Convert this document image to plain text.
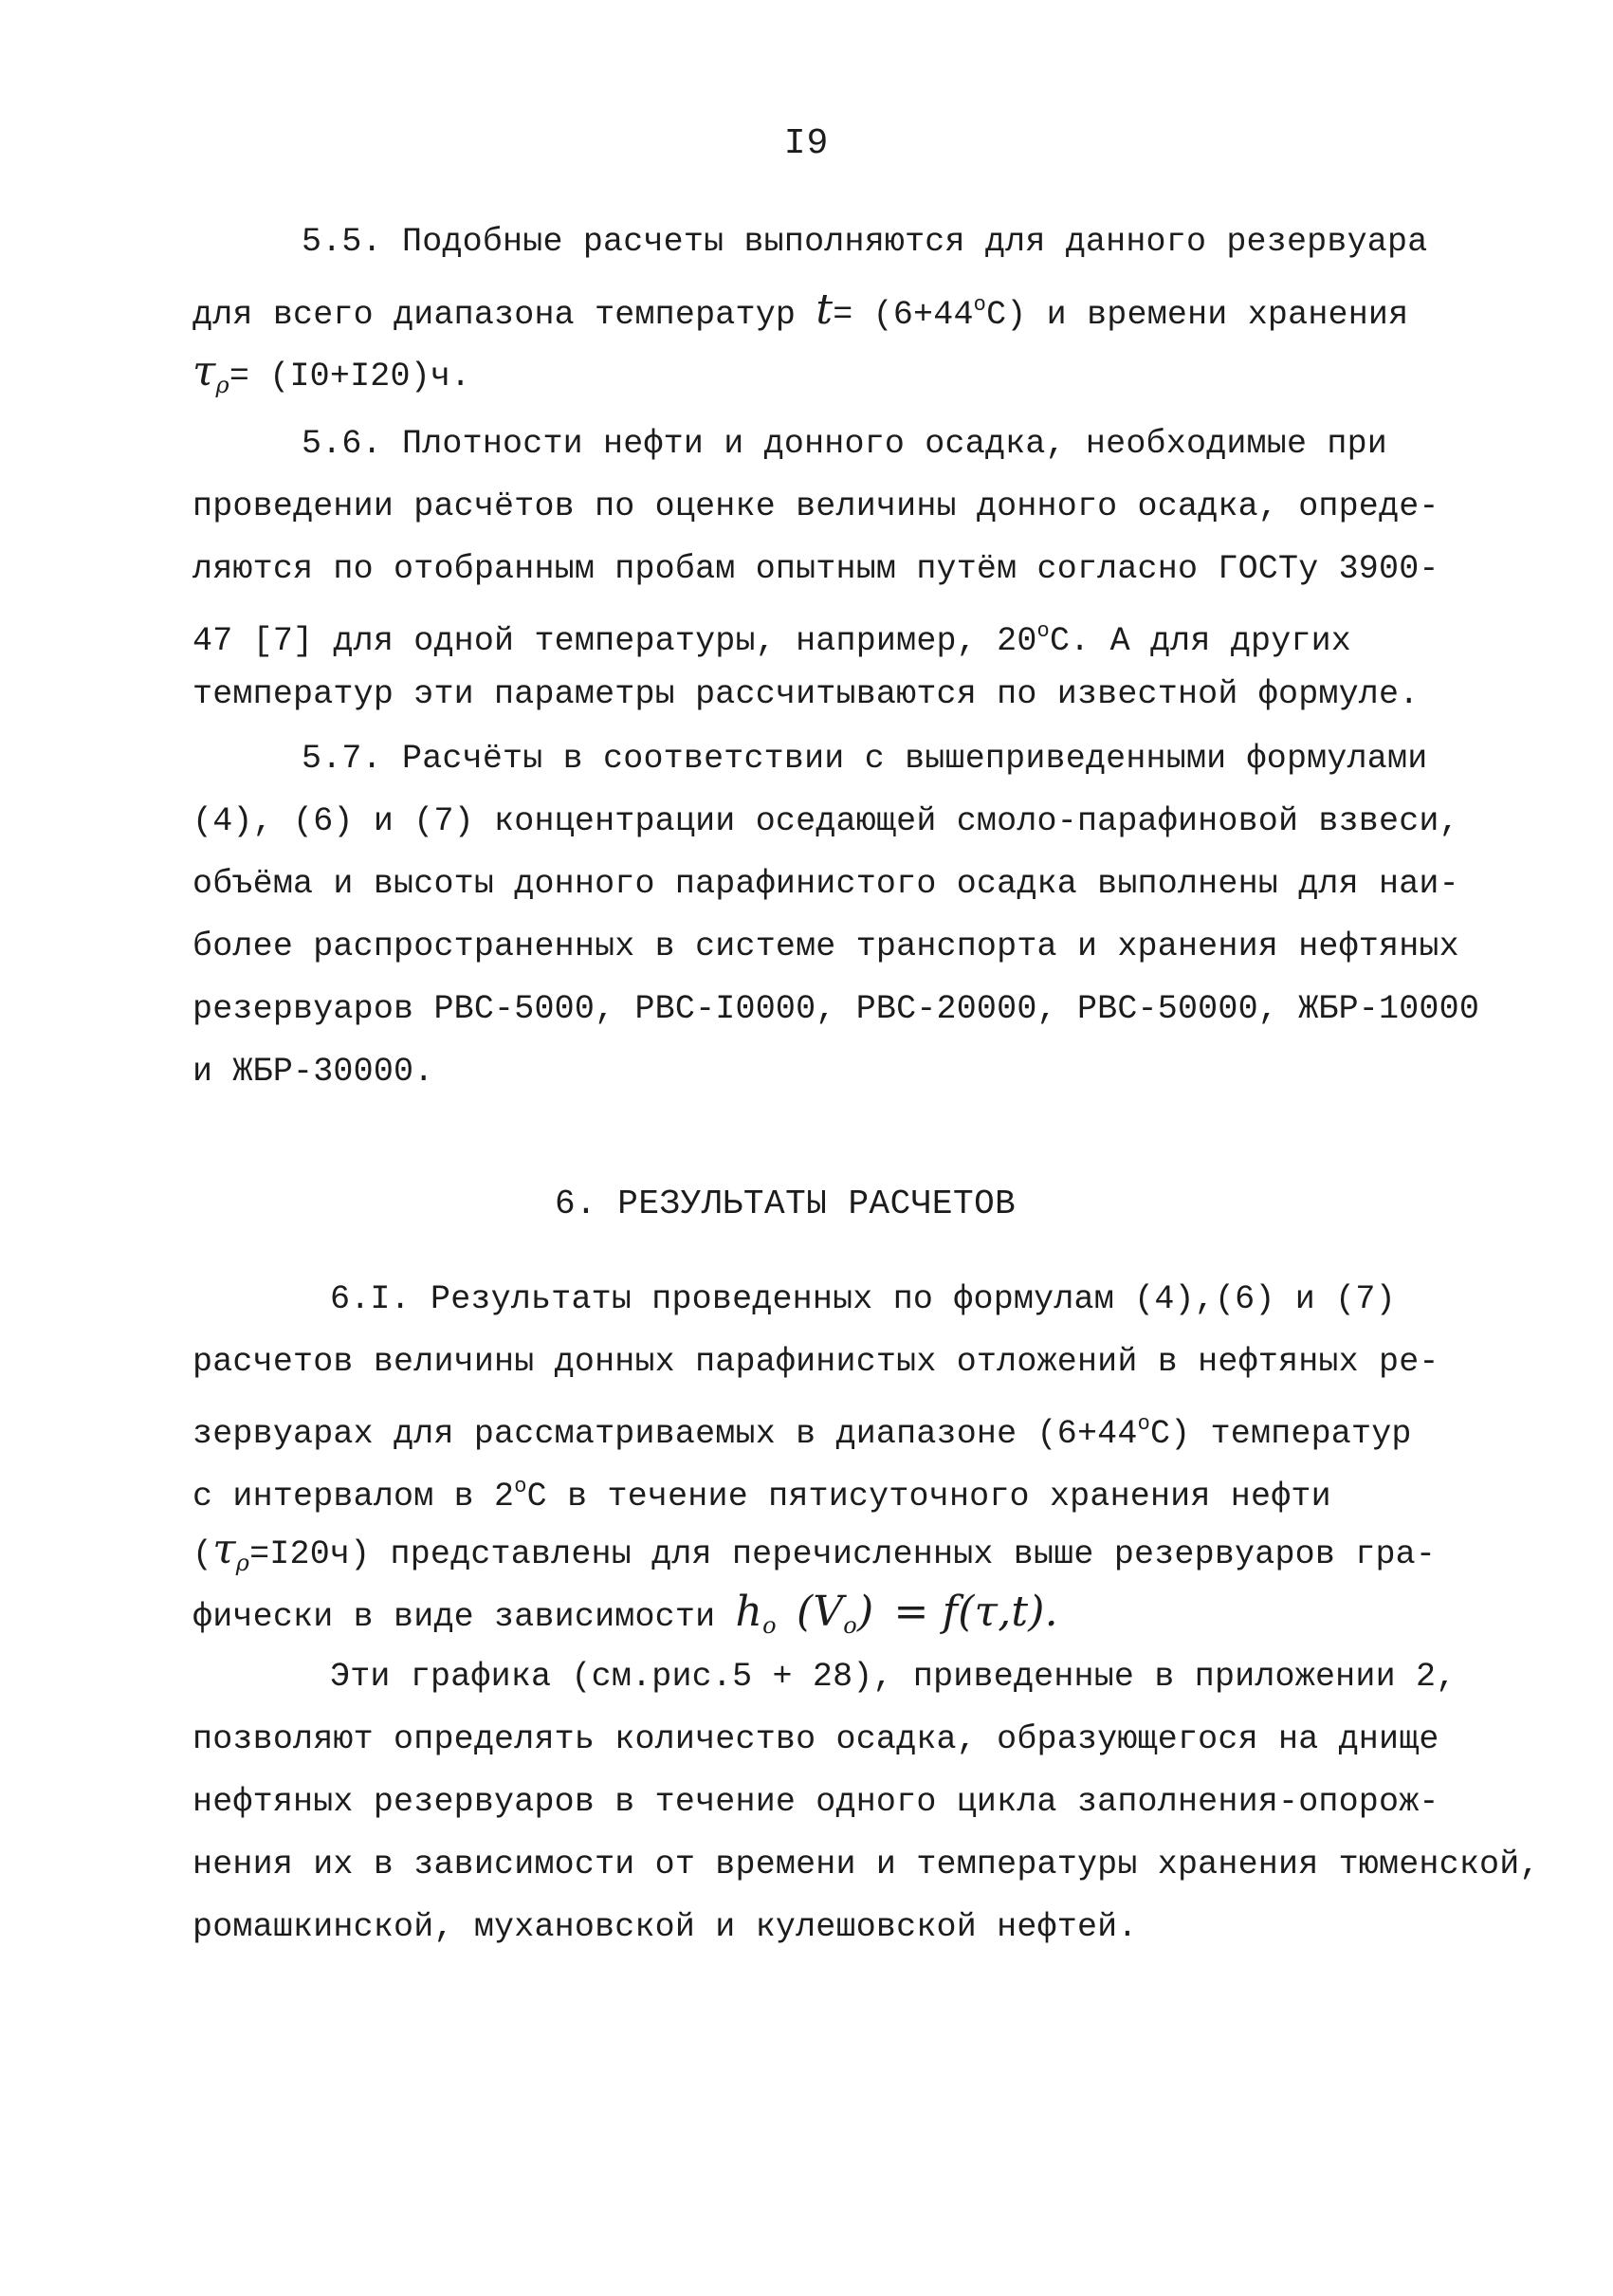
I9
5.5. Подобные расчеты выполняются для данного резервуара
для всего диапазона температур $t= (6+44^oС)$ и времени хранения
$\tau_\rho= (I0+I20)ч$.
5.6. Плотности нефти и донного осадка, необходимые при
проведении расчётов по оценке величины донного осадка, опреде-
ляются по отобранным пробам опытным путём согласно ГОСТу 3900-
47 [7] для одной температуры, например, 20$^o$С. А для других
температур эти параметры рассчитываются по известной формуле.
5.7. Расчёты в соответствии с вышеприведенными формулами
(4), (6) и (7) концентрации оседающей смоло-парафиновой взвеси,
объёма и высоты донного парафинистого осадка выполнены для наи-
более распространенных в системе транспорта и хранения нефтяных
резервуаров РВС-5000, РВС-I0000, РВС-20000, РВС-50000, ЖБР-10000
и ЖБР-30000.
6. РЕЗУЛЬТАТЫ РАСЧЕТОВ
6.I. Результаты проведенных по формулам (4),(6) и (7)
расчетов величины донных парафинистых отложений в нефтяных ре-
зервуарах для рассматриваемых в диапазоне $(6+44^oС)$ температур
с интервалом в 2$^o$С в течение пятисуточного хранения нефти
$(\tau_\rho=I20ч)$ представлены для перечисленных выше резервуаров гра-
фически в виде зависимости $h_o$ $(V_o) = f(\tau,t)$.
Эти графика (см.рис.5 + 28), приведенные в приложении 2,
позволяют определять количество осадка, образующегося на днище
нефтяных резервуаров в течение одного цикла заполнения-опорож-
нения их в зависимости от времени и температуры хранения тюменской,
ромашкинской, мухановской и кулешовской нефтей.
